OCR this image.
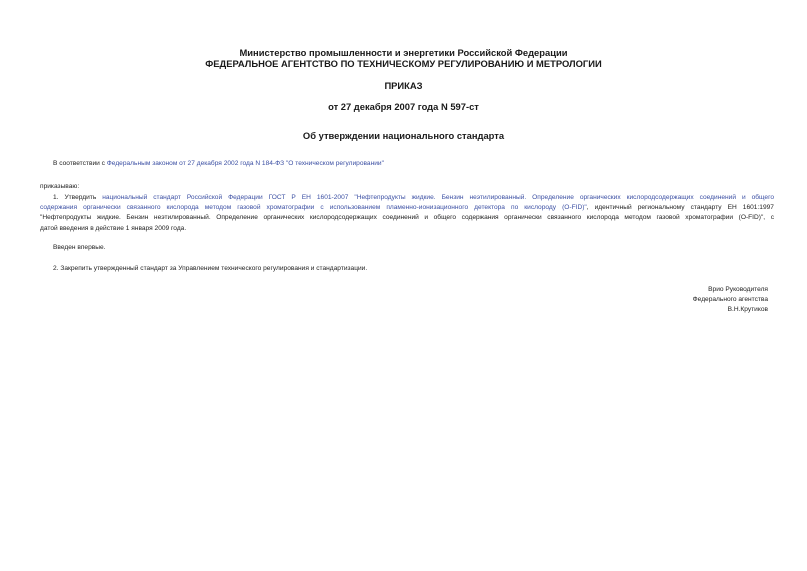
Министерство промышленности и энергетики Российской Федерации
ФЕДЕРАЛЬНОЕ АГЕНТСТВО ПО ТЕХНИЧЕСКОМУ РЕГУЛИРОВАНИЮ И МЕТРОЛОГИИ
ПРИКАЗ
от 27 декабря 2007 года N 597-ст
Об утверждении национального стандарта
В соответствии с Федеральным законом от 27 декабря 2002 года N 184-ФЗ "О техническом регулировании"
приказываю:
1. Утвердить национальный стандарт Российской Федерации ГОСТ Р ЕН 1601-2007 "Нефтепродукты жидкие. Бензин неэтилированный. Определение органических кислородсодержащих соединений и общего
содержания органически связанного кислорода методом газовой хроматографии с использованием пламенно-ионизационного детектора по кислороду (O-FID)", идентичный региональному стандарту ЕН 1601:1997
"Нефтепродукты жидкие. Бензин неэтилированный. Определение органических кислородсодержащих соединений и общего содержания органически связанного кислорода методом газовой хроматографии (O-FID)", с
датой введения в действие 1 января 2009 года.
Введен впервые.
2. Закрепить утвержденный стандарт за Управлением технического регулирования и стандартизации.
Врио Руководителя
Федерального агентства
В.Н.Крутиков
